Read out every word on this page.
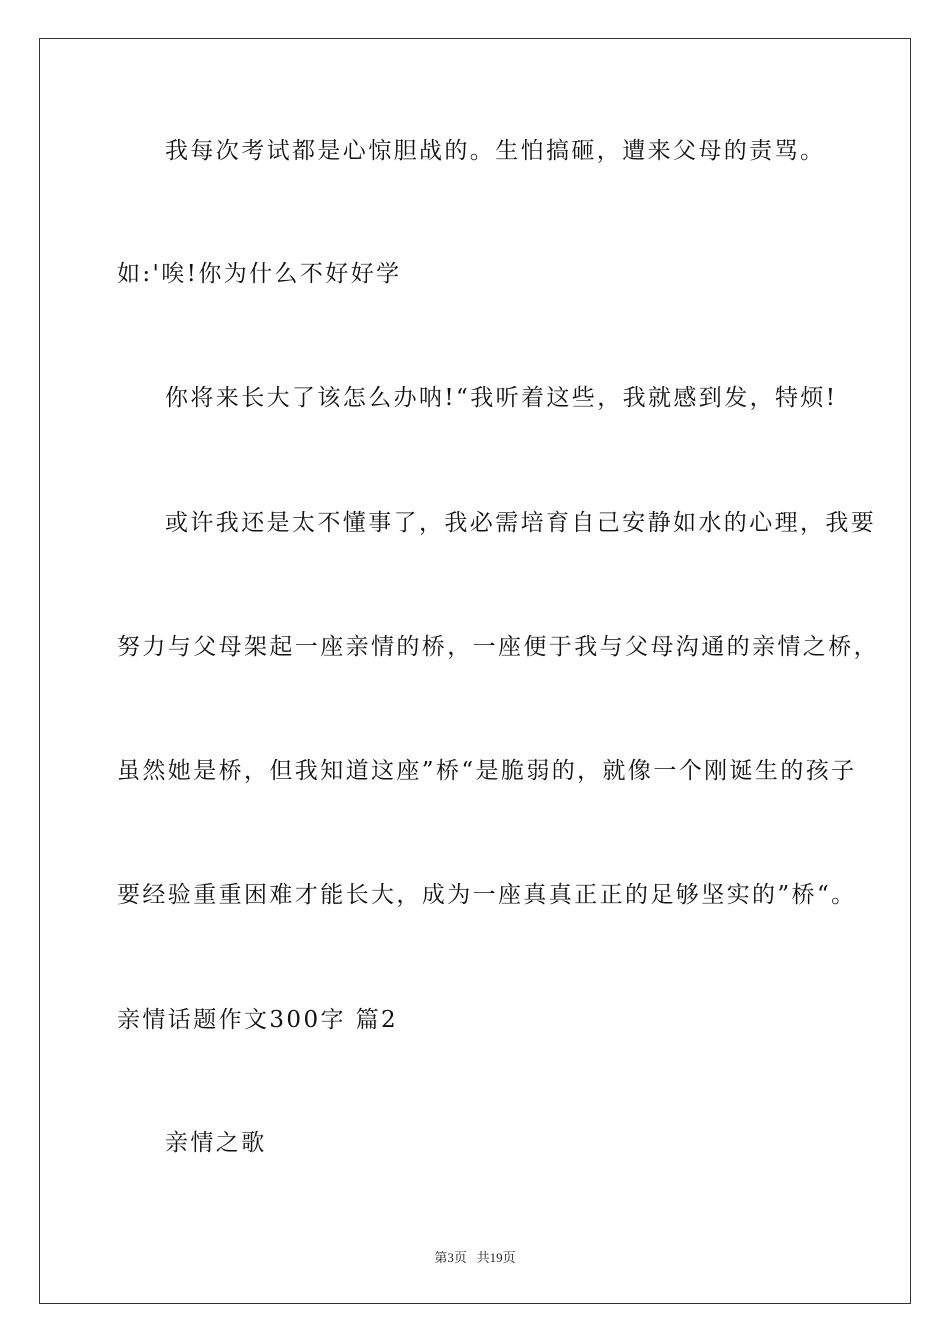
我每次考试都是心惊胆战的。生怕搞砸，遭来父母的责骂。
如:'唉!你为什么不好好学
你将来长大了该怎么办呐!“我听着这些，我就感到发，特烦!
或许我还是太不懂事了，我必需培育自己安静如水的心理，我要
努力与父母架起一座亲情的桥，一座便于我与父母沟通的亲情之桥，
虽然她是桥，但我知道这座”桥“是脆弱的，就像一个刚诞生的孩子
要经验重重困难才能长大，成为一座真真正正的足够坚实的”桥“。
亲情话题作文300字 篇2
亲情之歌
第3页 共19页
